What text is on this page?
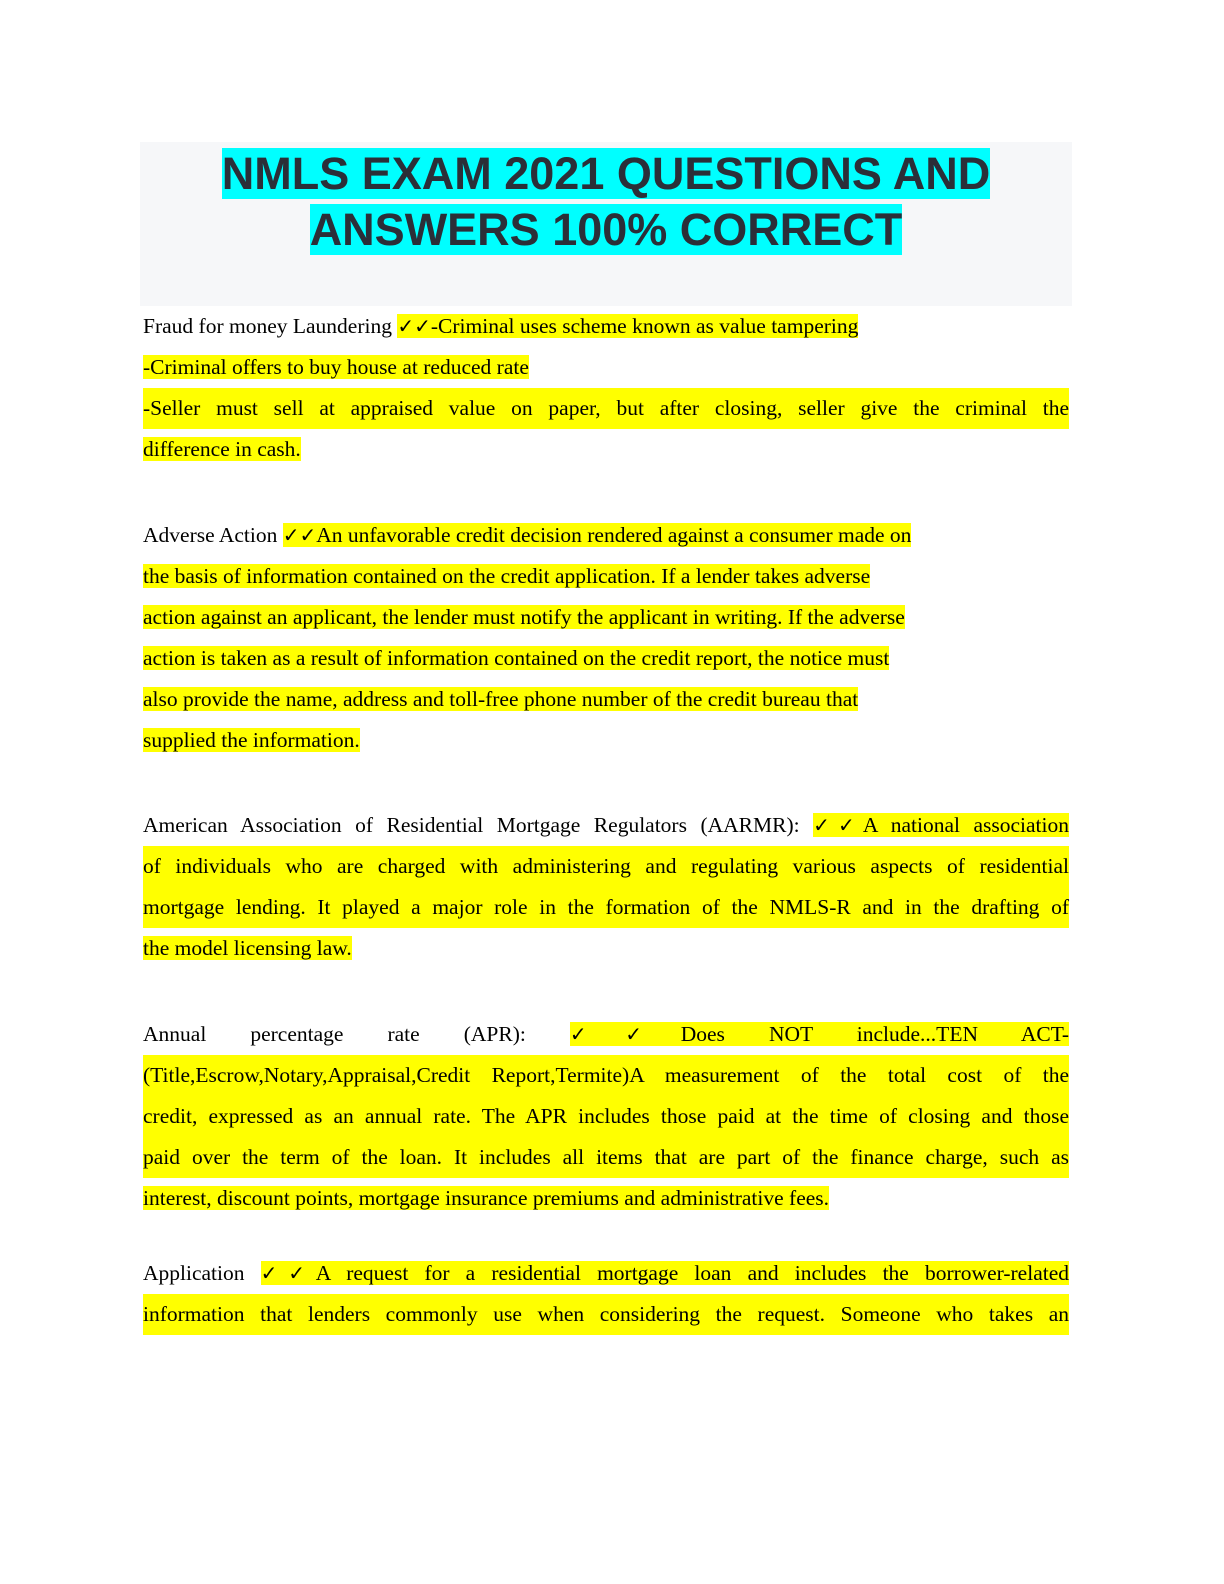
NMLS EXAM 2021 QUESTIONS AND
ANSWERS 100% CORRECT
Fraud for money Laundering ✓✓-Criminal uses scheme known as value tampering
-Criminal offers to buy house at reduced rate
-Seller must sell at appraised value on paper, but after closing, seller give the criminal the
difference in cash.
Adverse Action ✓✓An unfavorable credit decision rendered against a consumer made on
the basis of information contained on the credit application. If a lender takes adverse
action against an applicant, the lender must notify the applicant in writing. If the adverse
action is taken as a result of information contained on the credit report, the notice must
also provide the name, address and toll-free phone number of the credit bureau that
supplied the information.
American Association of Residential Mortgage Regulators (AARMR): ✓✓A national association
of individuals who are charged with administering and regulating various aspects of residential
mortgage lending. It played a major role in the formation of the NMLS-R and in the drafting of
the model licensing law.
Annual percentage rate (APR): ✓✓Does NOT include...TEN ACT-
(Title,Escrow,Notary,Appraisal,Credit Report,Termite)A measurement of the total cost of the
credit, expressed as an annual rate. The APR includes those paid at the time of closing and those
paid over the term of the loan. It includes all items that are part of the finance charge, such as
interest, discount points, mortgage insurance premiums and administrative fees.
Application ✓✓A request for a residential mortgage loan and includes the borrower-related
information that lenders commonly use when considering the request. Someone who takes an
